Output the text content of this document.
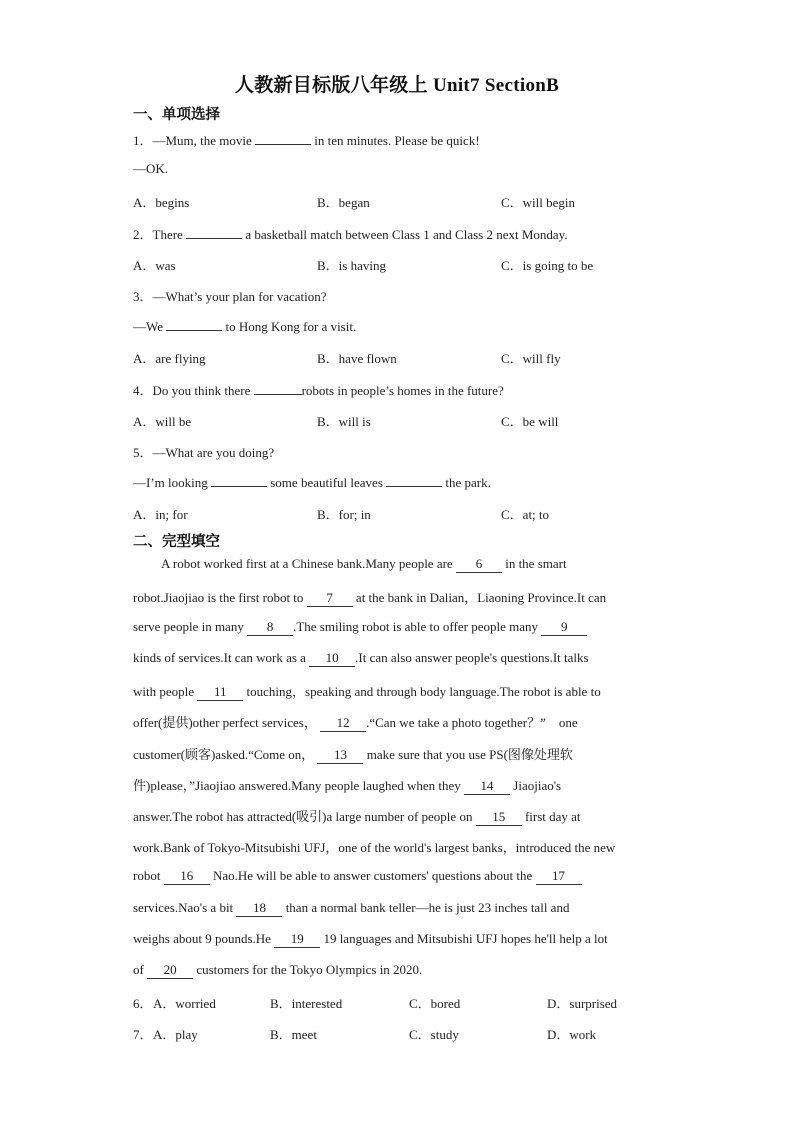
人教新目标版八年级上 Unit7 SectionB
一、单项选择
1．—Mum, the movie	in ten minutes. Please be quick!
—OK.
A．begins	B．began	C．will begin
2．There	a basketball match between Class 1 and Class 2 next Monday.
A．was	B．is having	C．is going to be
3．—What’s your plan for vacation?
—We	to Hong Kong for a visit.
A．are flying	B．have flown	C．will fly
4．Do you think there	robots in people’s homes in the future?
A．will be	B．will is	C．be will
5．—What are you doing?
—I’m looking	some beautiful leaves	the park.
A．in; for	B．for; in	C．at; to
二、完型填空
A robot worked first at a Chinese bank.Many people are 6 in the smart
robot.Jiaojiao is the first robot to 7 at the bank in Dalian，Liaoning Province.It can
serve people in many 8 .The smiling robot is able to offer people many 9
kinds of services.It can work as a 10 .It can also answer people's questions.It talks
with people 11 touching，speaking and through body language.The robot is able to
offer(提供)other perfect services， 12 .“Can we take a photo together？”　one
customer(顾客)asked.“Come on， 13 make sure that you use PS(图像处理软
件)please，”Jiaojiao answered.Many people laughed when they 14 Jiaojiao's
answer.The robot has attracted(吸引)a large number of people on 15 first day at
work.Bank of Tokyo-Mitsubishi UFJ，one of the world's largest banks，introduced the new
robot 16 Nao.He will be able to answer customers' questions about the 17
services.Nao's a bit 18 than a normal bank teller—he is just 23 inches tall and
weighs about 9 pounds.He 19 19 languages and Mitsubishi UFJ hopes he'll help a lot
of 20 customers for the Tokyo Olympics in 2020.
6． A．worried	B．interested	C．bored	D．surprised
7． A．play	B．meet	C．study	D．work
